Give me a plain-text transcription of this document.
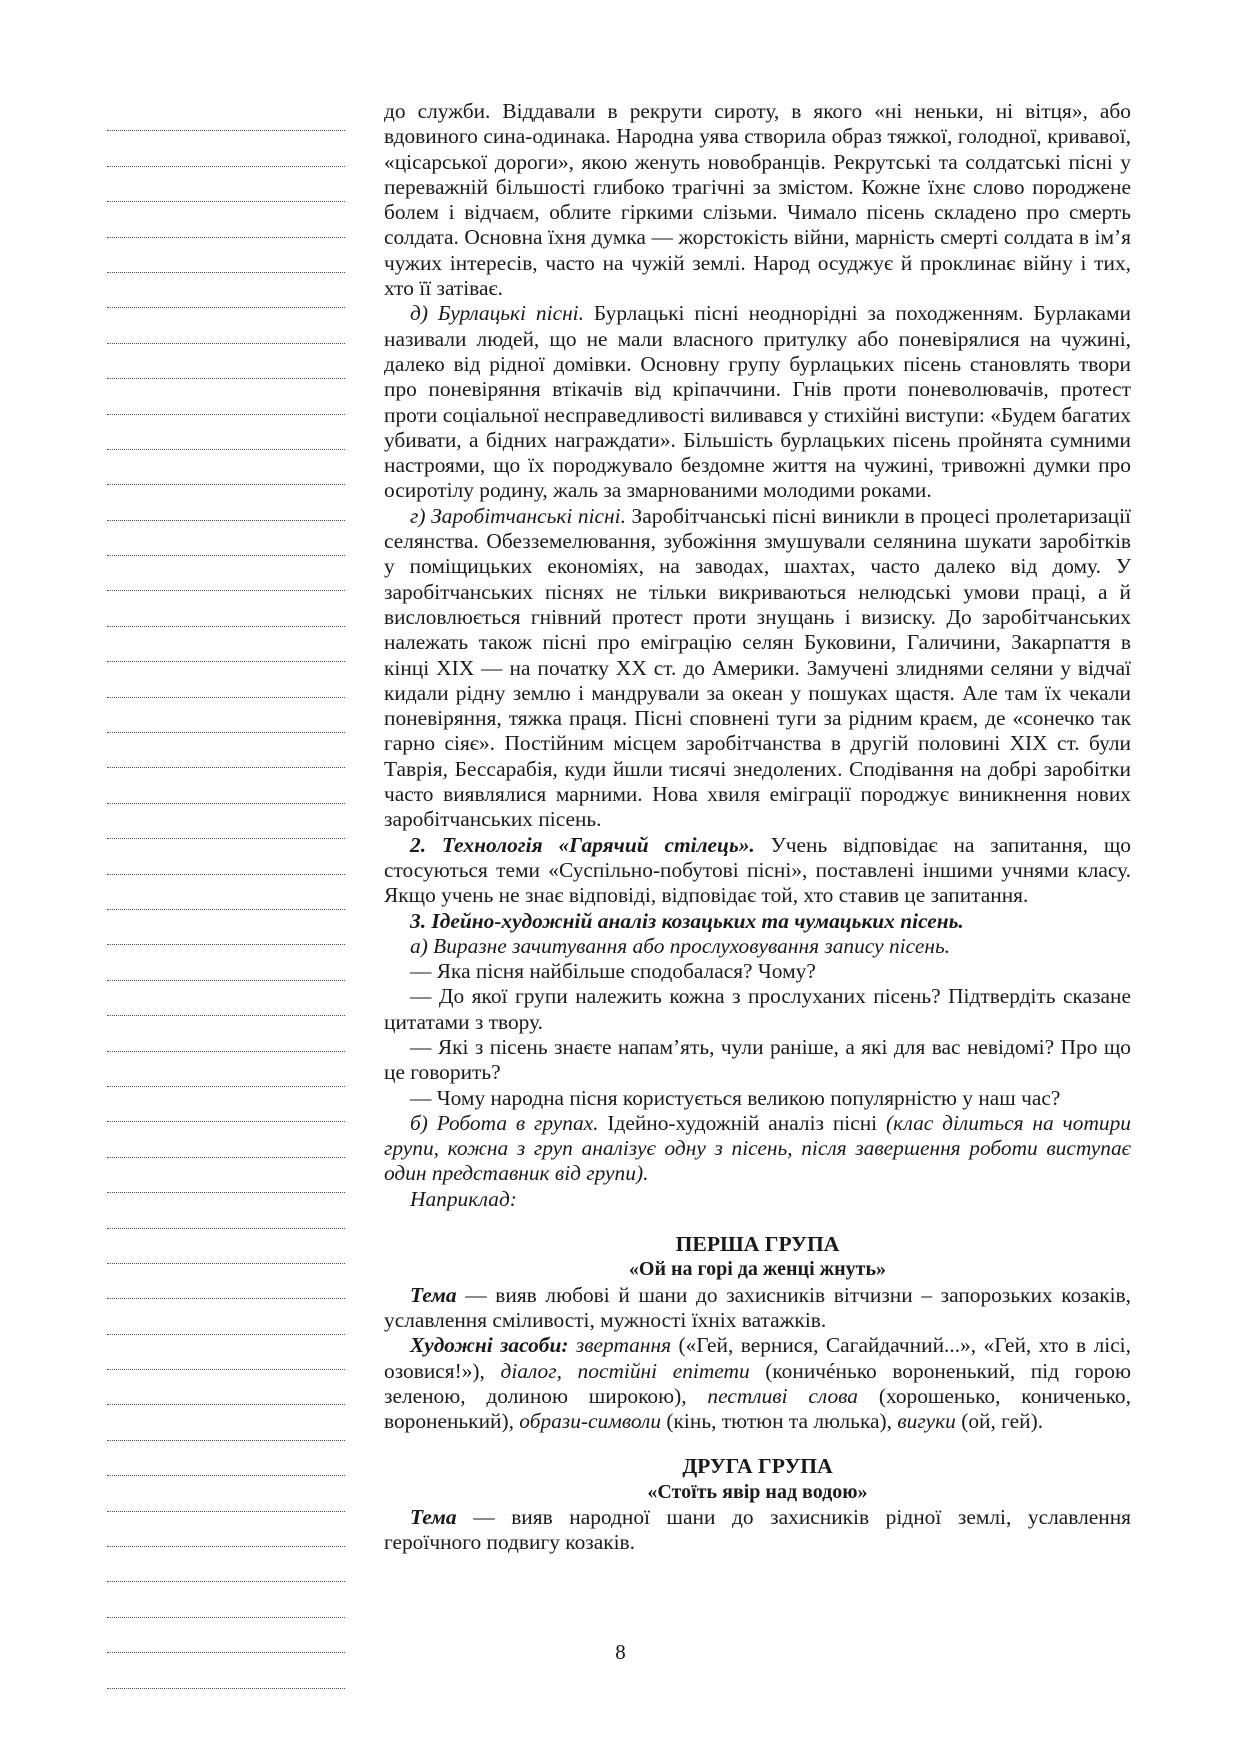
до служби. Віддавали в рекрути сироту, в якого «ні неньки, ні вітця», або вдовиного сина-одинака. Народна уява створила образ тяжкої, голодної, кривавої, «цісарської дороги», якою женуть новобранців. Рекрутські та солдатські пісні у переважній більшості глибоко трагічні за змістом. Кожне їхнє слово породжене болем і відчаєм, облите гіркими слізьми. Чимало пісень складено про смерть солдата. Основна їхня думка — жорстокість війни, марність смерті солдата в ім’я чужих інтересів, часто на чужій землі. Народ осуджує й проклинає війну і тих, хто її затіває.

д) Бурлацькі пісні. Бурлацькі пісні неоднорідні за походженням. Бурлаками називали людей, що не мали власного притулку або поневірялися на чужині, далеко від рідної домівки. Основну групу бурлацьких пісень становлять твори про поневіряння втікачів від кріпаччини. Гнів проти поневолювачів, протест проти соціальної несправедливості виливався у стихійні виступи: «Будем багатих убивати, а бідних награждати». Більшість бурлацьких пісень пройнята сумними настроями, що їх породжувало бездомне життя на чужині, тривожні думки про осиротілу родину, жаль за змарнованими молодими роками.

г) Заробітчанські пісні. Заробітчанські пісні виникли в процесі пролетаризації селянства. Обезземелювання, зубожіння змушували селянина шукати заробітків у поміщицьких економіях, на заводах, шахтах, часто далеко від дому. У заробітчанських піснях не тільки викриваються нелюдські умови праці, а й висловлюється гнівний протест проти знущань і визиску. До заробітчанських належать також пісні про еміграцію селян Буковини, Галичини, Закарпаття в кінці XIX — на початку XX ст. до Америки. Замучені злиднями селяни у відчаї кидали рідну землю і мандрували за океан у пошуках щастя. Але там їх чекали поневіряння, тяжка праця. Пісні сповнені туги за рідним краєм, де «сонечко так гарно сіяє». Постійним місцем заробітчанства в другій половині XIX ст. були Таврія, Бессарабія, куди йшли тисячі знедолених. Сподівання на добрі заробітки часто виявлялися марними. Нова хвиля еміграції породжує виникнення нових заробітчанських пісень.

2. Технологія «Гарячий стілець». Учень відповідає на запитання, що стосуються теми «Суспільно-побутові пісні», поставлені іншими учнями класу. Якщо учень не знає відповіді, відповідає той, хто ставив це запитання.

3. Ідейно-художній аналіз козацьких та чумацьких пісень.

а) Виразне зачитування або прослуховування запису пісень.

— Яка пісня найбільше сподобалася? Чому?

— До якої групи належить кожна з прослуханих пісень? Підтвердіть сказане цитатами з твору.

— Які з пісень знаєте напам’ять, чули раніше, а які для вас невідомі? Про що це говорить?

— Чому народна пісня користується великою популярністю у наш час?

б) Робота в групах. Ідейно-художній аналіз пісні (клас ділиться на чотири групи, кожна з груп аналізує одну з пісень, після завершення роботи виступає один представник від групи).

Наприклад:

ПЕРША ГРУПА

«Ой на горі да женці жнуть»

Тема — вияв любові й шани до захисників вітчизни – запорозьких козаків, уславлення сміливості, мужності їхніх ватажків.

Художні засоби: звертання («Гей, вернися, Сагайдачний...», «Гей, хто в лісі, озовися!»), діалог, постійні епітети (коничéнько вороненький, під горою зеленою, долиною широкою), пестливі слова (хорошенько, кониченько, вороненький), образи-символи (кінь, тютюн та люлька), вигуки (ой, гей).

ДРУГА ГРУПА

«Стоїть явір над водою»

Тема — вияв народної шани до захисників рідної землі, уславлення героїчного подвигу козаків.

8
